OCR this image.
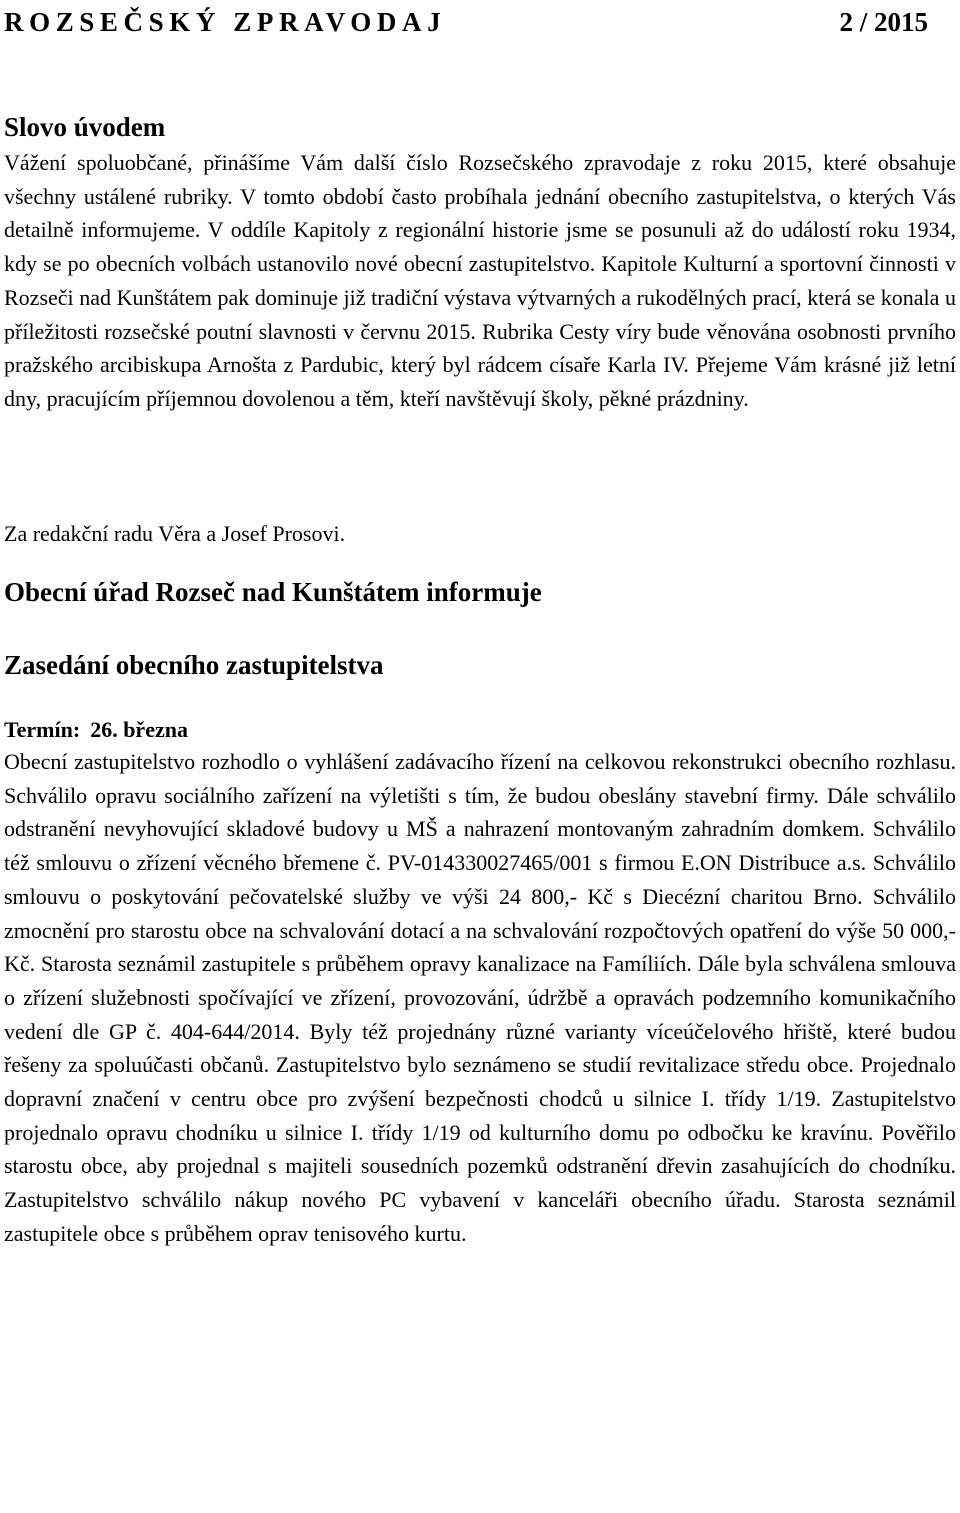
ROZSEČSKÝ ZPRAVODAJ	2 / 2015
Slovo úvodem
Vážení spoluobčané, přinášíme Vám další číslo Rozsečského zpravodaje z roku 2015, které obsahuje všechny ustálené rubriky. V tomto období často probíhala jednání obecního zastupitelstva, o kterých Vás detailně informujeme. V oddíle Kapitoly z regionální historie jsme se posunuli až do událostí roku 1934, kdy se po obecních volbách ustanovilo nové obecní zastupitelstvo. Kapitole Kulturní a sportovní činnosti v Rozseči nad Kunštátem pak dominuje již tradiční výstava výtvarných a rukodělných prací, která se konala u příležitosti rozsečské poutní slavnosti v červnu 2015. Rubrika Cesty víry bude věnována osobnosti prvního pražského arcibiskupa Arnošta z Pardubic, který byl rádcem císaře Karla IV. Přejeme Vám krásné již letní dny, pracujícím příjemnou dovolenou a těm, kteří navštěvují školy, pěkné prázdniny.
Za redakční radu Věra a Josef Prosovi.
Obecní úřad Rozseč nad Kunštátem informuje
Zasedání obecního zastupitelstva
Termín: 26. března
Obecní zastupitelstvo rozhodlo o vyhlášení zadávacího řízení na celkovou rekonstrukci obecního rozhlasu. Schválilo opravu sociálního zařízení na výletišti s tím, že budou obeslány stavební firmy. Dále schválilo odstranění nevyhovující skladové budovy u MŠ a nahrazení montovaným zahradním domkem. Schválilo též smlouvu o zřízení věcného břemene č. PV-014330027465/001 s firmou E.ON Distribuce a.s. Schválilo smlouvu o poskytování pečovatelské služby ve výši 24 800,- Kč s Diecézní charitou Brno. Schválilo zmocnění pro starostu obce na schvalování dotací a na schvalování rozpočtových opatření do výše 50 000,- Kč. Starosta seznámil zastupitele s průběhem opravy kanalizace na Famíliích. Dále byla schválena smlouva o zřízení služebnosti spočívající ve zřízení, provozování, údržbě a opravách podzemního komunikačního vedení dle GP č. 404-644/2014. Byly též projednány různé varianty víceúčelového hřiště, které budou řešeny za spoluúčasti občanů. Zastupitelstvo bylo seznámeno se studií revitalizace středu obce. Projednalo dopravní značení v centru obce pro zvýšení bezpečnosti chodců u silnice I. třídy 1/19. Zastupitelstvo projednalo opravu chodníku u silnice I. třídy 1/19 od kulturního domu po odbočku ke kravínu. Pověřilo starostu obce, aby projednal s majiteli sousedních pozemků odstranění dřevin zasahujících do chodníku. Zastupitelstvo schválilo nákup nového PC vybavení v kanceláři obecního úřadu. Starosta seznámil zastupitele obce s průběhem oprav tenisového kurtu.
